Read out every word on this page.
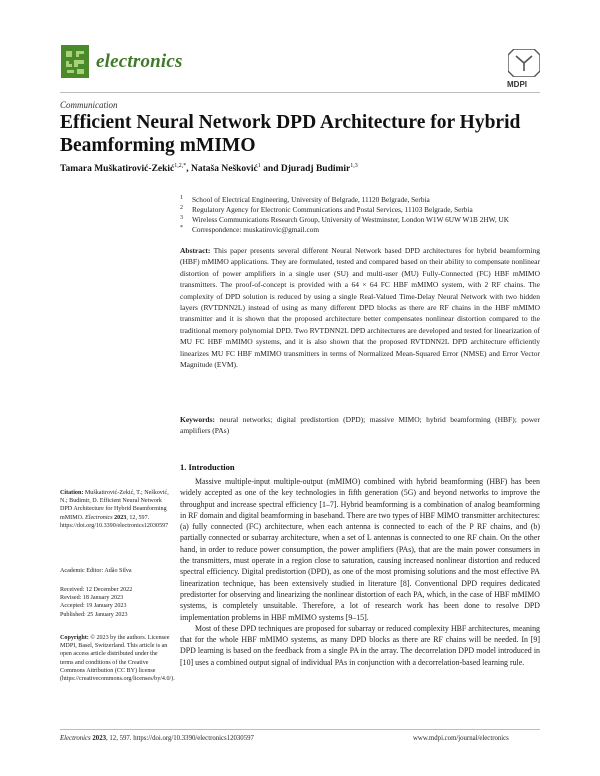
electronics
MDPI
Communication
Efficient Neural Network DPD Architecture for Hybrid Beamforming mMIMO
Tamara Muškatirović-Zekić$^{1,2,*}$, Nataša Nešković$^1$ and Djuradj Budimir$^{1,3}$
1 School of Electrical Engineering, University of Belgrade, 11120 Belgrade, Serbia
2 Regulatory Agency for Electronic Communications and Postal Services, 11103 Belgrade, Serbia
3 Wireless Communications Research Group, University of Westminster, London W1W 6UW W1B 2HW, UK
* Correspondence: muskatirovic@gmail.com
Abstract: This paper presents several different Neural Network based DPD architectures for hybrid beamforming (HBF) mMIMO applications. They are formulated, tested and compared based on their ability to compensate nonlinear distortion of power amplifiers in a single user (SU) and multi-user (MU) Fully-Connected (FC) HBF mMIMO transmitters. The proof-of-concept is provided with a 64 × 64 FC HBF mMIMO system, with 2 RF chains. The complexity of DPD solution is reduced by using a single Real-Valued Time-Delay Neural Network with two hidden layers (RVTDNN2L) instead of using as many different DPD blocks as there are RF chains in the HBF mMIMO transmitter and it is shown that the proposed architecture better compensates nonlinear distortion compared to the traditional memory polynomial DPD. Two RVTDNN2L DPD architectures are developed and tested for linearization of MU FC HBF mMIMO systems, and it is also shown that the proposed RVTDNN2L DPD architecture efficiently linearizes MU FC HBF mMIMO transmitters in terms of Normalized Mean-Squared Error (NMSE) and Error Vector Magnitude (EVM).
Keywords: neural networks; digital predistortion (DPD); massive MIMO; hybrid beamforming (HBF); power amplifiers (PAs)
Citation: Muškatirović-Zekić, T.; Nešković, N.; Budimir, D. Efficient Neural Network DPD Architecture for Hybrid Beamforming mMIMO. Electronics 2023, 12, 597. https://doi.org/10.3390/electronics12030597
Academic Editor: Adão Silva
Received: 12 December 2022
Revised: 18 January 2023
Accepted: 19 January 2023
Published: 25 January 2023
Copyright: © 2023 by the authors. Licensee MDPI, Basel, Switzerland. This article is an open access article distributed under the terms and conditions of the Creative Commons Attribution (CC BY) license (https://creativecommons.org/licenses/by/4.0/).
1. Introduction

Massive multiple-input multiple-output (mMIMO) combined with hybrid beamforming (HBF) has been widely accepted as one of the key technologies in fifth generation (5G) and beyond networks to improve the throughput and increase spectral efficiency [1–7]. Hybrid beamforming is a combination of analog beamforming in RF domain and digital beamforming in baseband. There are two types of HBF MIMO transmitter architectures: (a) fully connected (FC) architecture, when each antenna is connected to each of the P RF chains, and (b) partially connected or subarray architecture, when a set of L antennas is connected to one RF chain. On the other hand, in order to reduce power consumption, the power amplifiers (PAs), that are the main power consumers in the transmitters, must operate in a region close to saturation, causing increased nonlinear distortion and reduced spectral efficiency. Digital predistortion (DPD), as one of the most promising solutions and the most effective PA linearization technique, has been extensively studied in literature [8]. Conventional DPD requires dedicated predistorter for observing and linearizing the nonlinear distortion of each PA, which, in the case of HBF mMIMO systems, is completely unsuitable. Therefore, a lot of research work has been done to resolve DPD implementation problems in HBF mMIMO systems [9–15].

Most of these DPD techniques are proposed for subarray or reduced complexity HBF architectures, meaning that for the whole HBF mMIMO systems, as many DPD blocks as there are RF chains will be needed. In [9] DPD learning is based on the feedback from a single PA in the array. The decorrelation DPD model introduced in [10] uses a combined output signal of individual PAs in conjunction with a decorrelation-based learning rule.

Electronics 2023, 12, 597. https://doi.org/10.3390/electronics12030597	www.mdpi.com/journal/electronics
